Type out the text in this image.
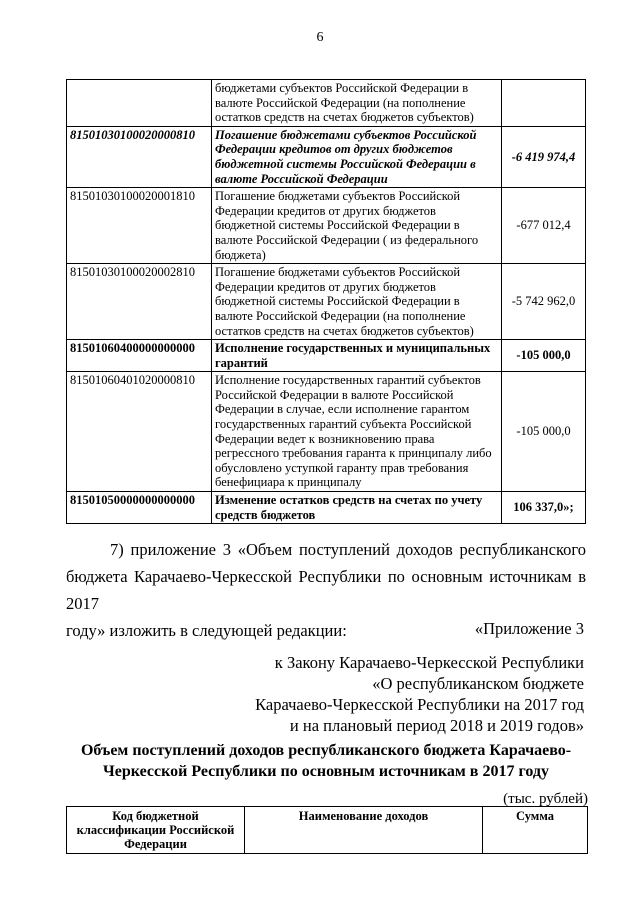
6
	бюджетами субъектов Российской Федерации в валюте Российской Федерации (на пополнение остатков средств на счетах бюджетов субъектов)	
81501030100020000810	Погашение бюджетами субъектов Российской Федерации кредитов от других бюджетов бюджетной системы Российской Федерации в валюте Российской Федерации	-6 419 974,4
81501030100020001810	Погашение бюджетами субъектов Российской Федерации кредитов от других бюджетов бюджетной системы Российской Федерации в валюте Российской Федерации ( из федерального бюджета)	-677 012,4
81501030100020002810	Погашение бюджетами субъектов Российской Федерации кредитов от других бюджетов бюджетной системы Российской Федерации в валюте Российской Федерации (на пополнение остатков средств на счетах бюджетов субъектов)	-5 742 962,0
81501060400000000000	Исполнение государственных и муниципальных гарантий	-105 000,0
81501060401020000810	Исполнение государственных гарантий субъектов Российской Федерации в валюте Российской Федерации в случае, если исполнение гарантом государственных гарантий субъекта Российской Федерации ведет к возникновению права регрессного требования гаранта к принципалу либо обусловлено уступкой гаранту прав требования бенефициара к принципалу	-105 000,0
81501050000000000000	Изменение остатков средств на счетах по учету средств бюджетов	106 337,0»;
7) приложение 3 «Объем поступлений доходов республиканского
бюджета Карачаево-Черкесской Республики по основным источникам в 2017
году» изложить в следующей редакции:	«Приложение 3
к Закону Карачаево-Черкесской Республики
«О республиканском бюджете
Карачаево-Черкесской Республики на 2017 год
и на плановый период 2018 и 2019 годов»
Объем поступлений доходов республиканского бюджета Карачаево-
Черкесской Республики по основным источникам в 2017 году
(тыс. рублей)
Код бюджетной классификации Российской Федерации	Наименование доходов	Сумма
